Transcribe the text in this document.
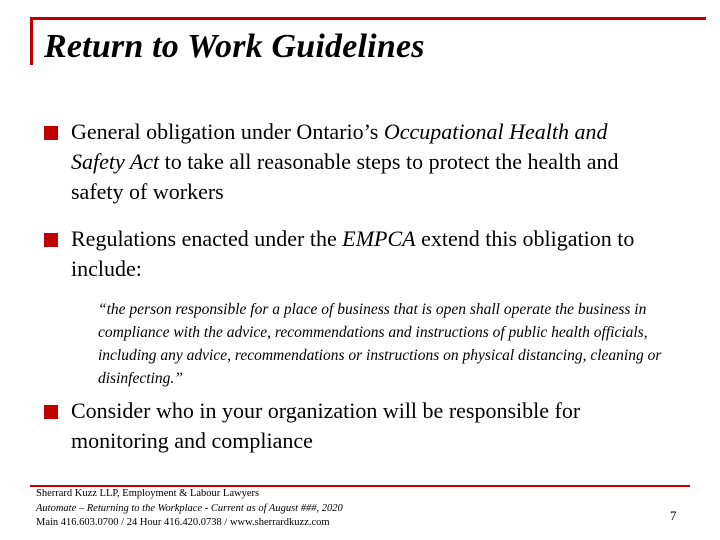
Return to Work Guidelines
General obligation under Ontario’s Occupational Health and Safety Act to take all reasonable steps to protect the health and safety of workers
Regulations enacted under the EMPCA extend this obligation to include:
“the person responsible for a place of business that is open shall operate the business in compliance with the advice, recommendations and instructions of public health officials, including any advice, recommendations or instructions on physical distancing, cleaning or disinfecting.”
Consider who in your organization will be responsible for monitoring and compliance
Sherrard Kuzz LLP, Employment & Labour Lawyers
Automate – Returning to the Workplace - Current as of August ###, 2020
Main 416.603.0700 / 24 Hour 416.420.0738 / www.sherrardkuzz.com	7
